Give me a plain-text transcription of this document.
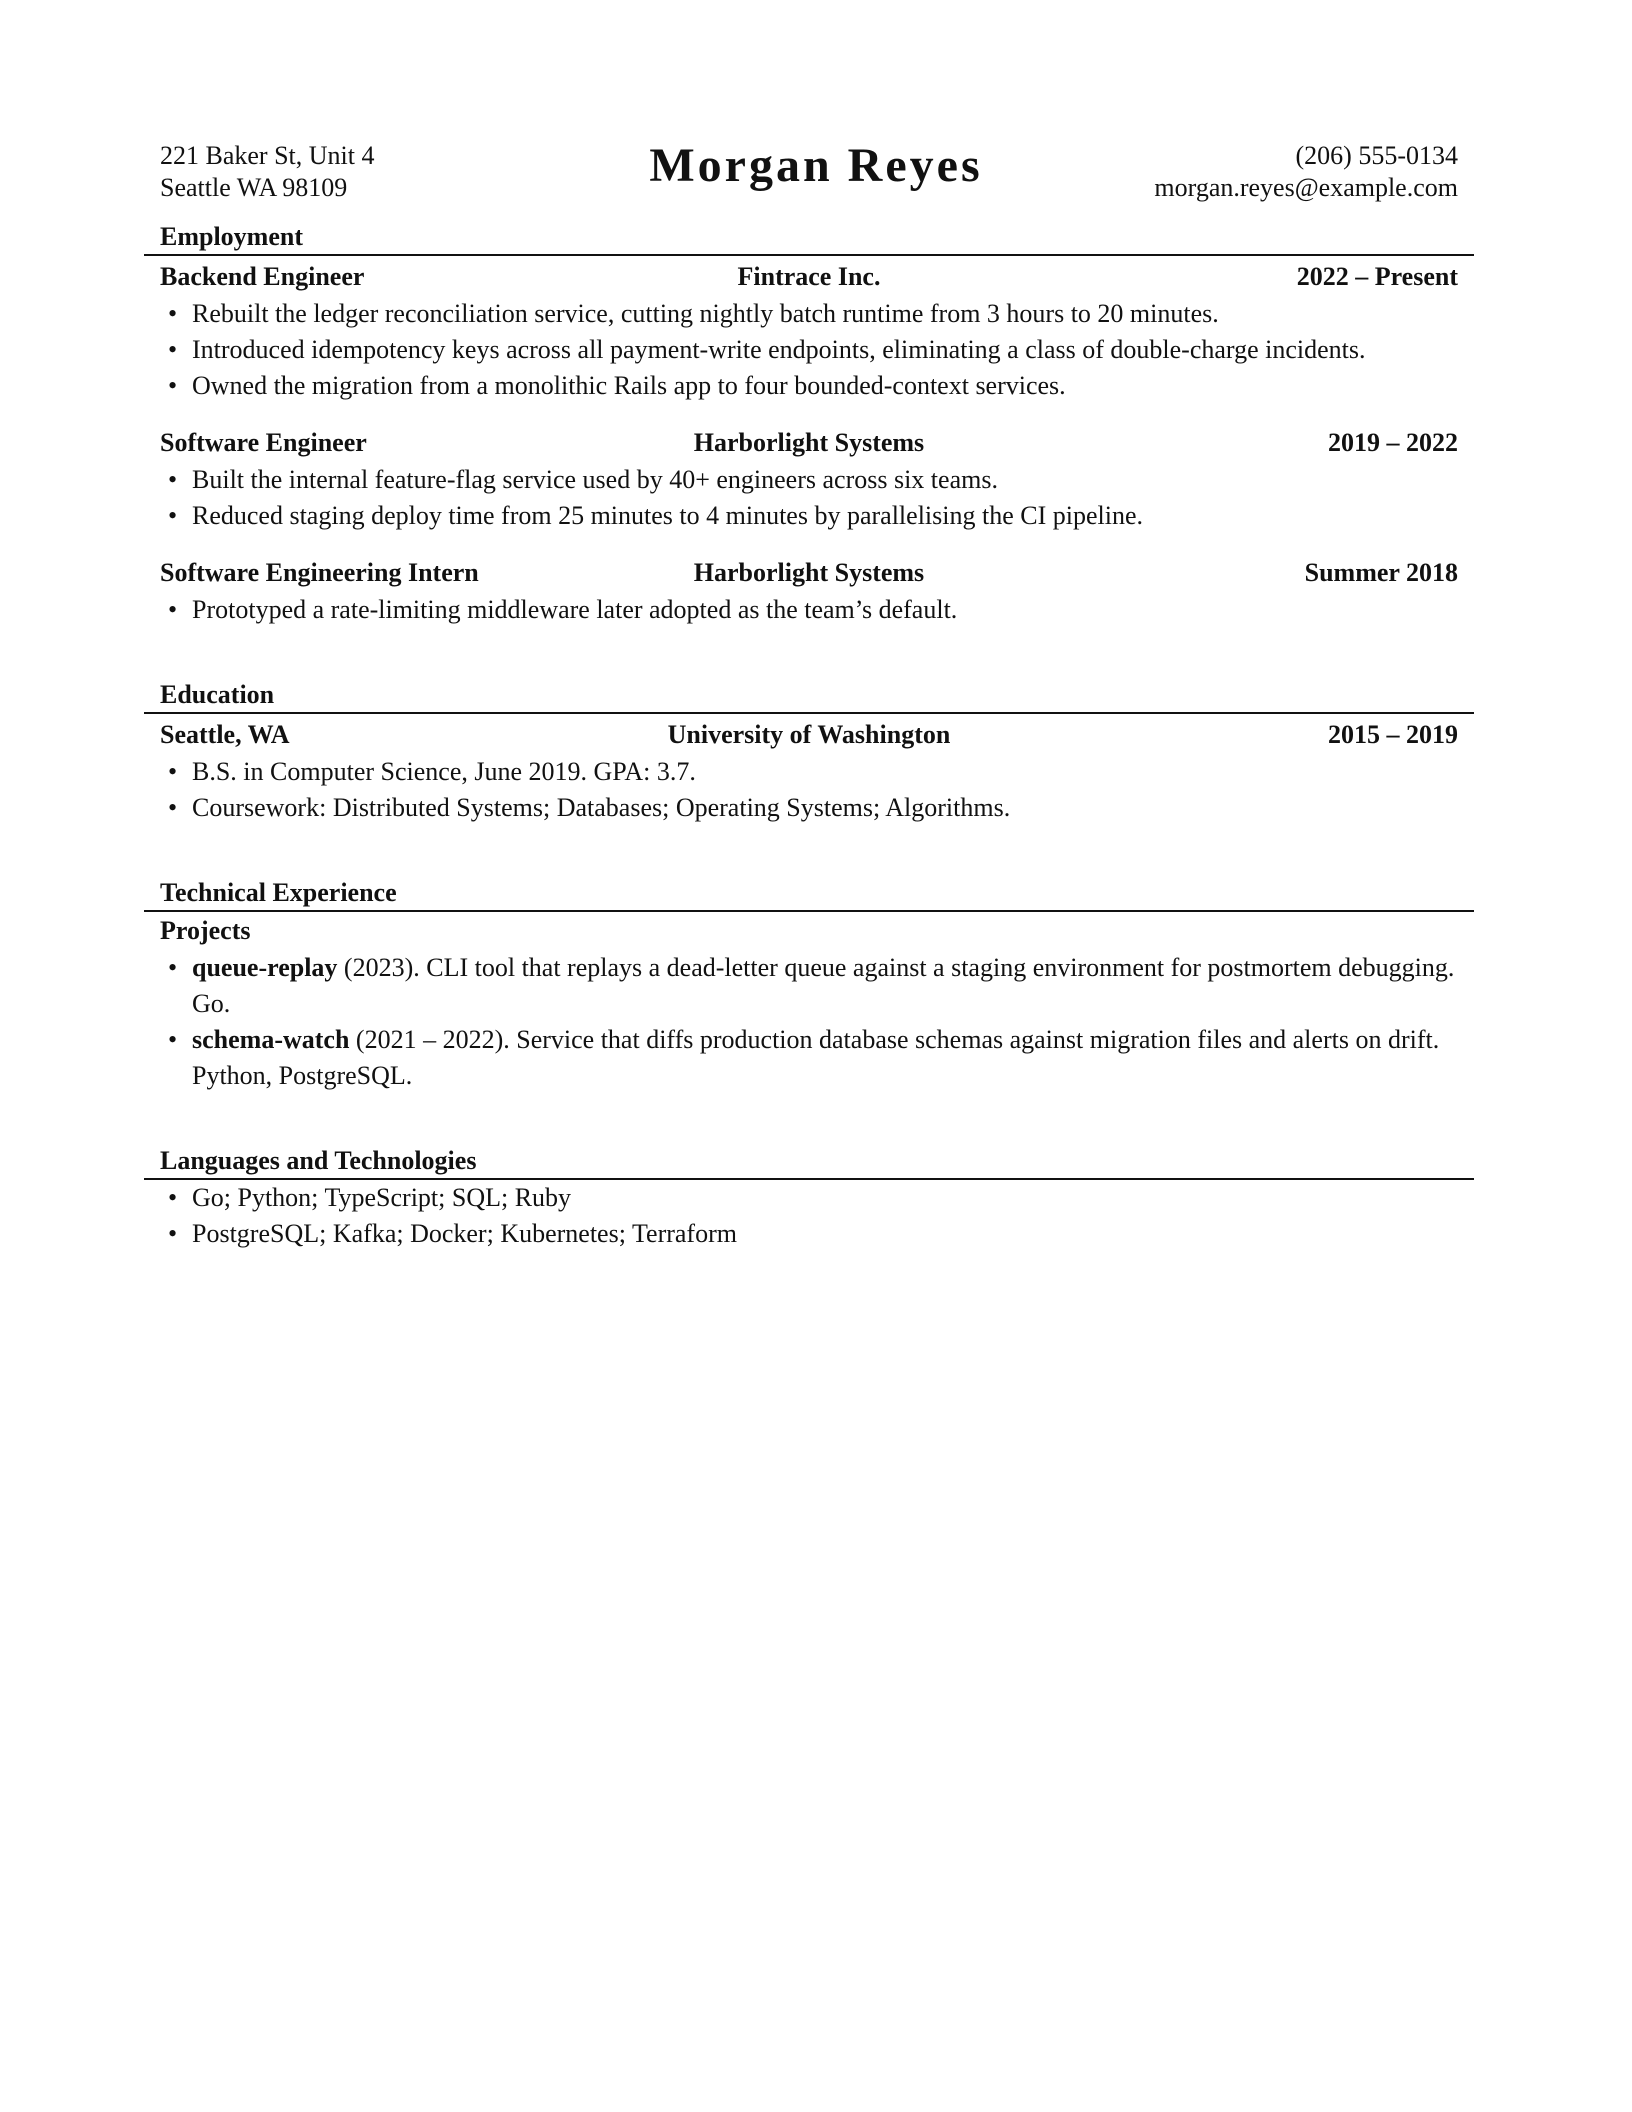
221 Baker St, Unit 4
Seattle WA 98109	Morgan Reyes	(206) 555-0134
morgan.reyes@example.com
Employment
Backend Engineer	Fintrace Inc.	2022 – Present
• Rebuilt the ledger reconciliation service, cutting nightly batch runtime from 3 hours to 20 minutes.
• Introduced idempotency keys across all payment-write endpoints, eliminating a class of double-charge incidents.
• Owned the migration from a monolithic Rails app to four bounded-context services.
Software Engineer	Harborlight Systems	2019 – 2022
• Built the internal feature-flag service used by 40+ engineers across six teams.
• Reduced staging deploy time from 25 minutes to 4 minutes by parallelising the CI pipeline.
Software Engineering Intern	Harborlight Systems	Summer 2018
• Prototyped a rate-limiting middleware later adopted as the team’s default.
Education
Seattle, WA	University of Washington	2015 – 2019
• B.S. in Computer Science, June 2019. GPA: 3.7.
• Coursework: Distributed Systems; Databases; Operating Systems; Algorithms.
Technical Experience
Projects
• queue-replay (2023). CLI tool that replays a dead-letter queue against a staging environment for postmortem debugging. Go.
• schema-watch (2021 – 2022). Service that diffs production database schemas against migration files and alerts on drift. Python, PostgreSQL.
Languages and Technologies
• Go; Python; TypeScript; SQL; Ruby
• PostgreSQL; Kafka; Docker; Kubernetes; Terraform
